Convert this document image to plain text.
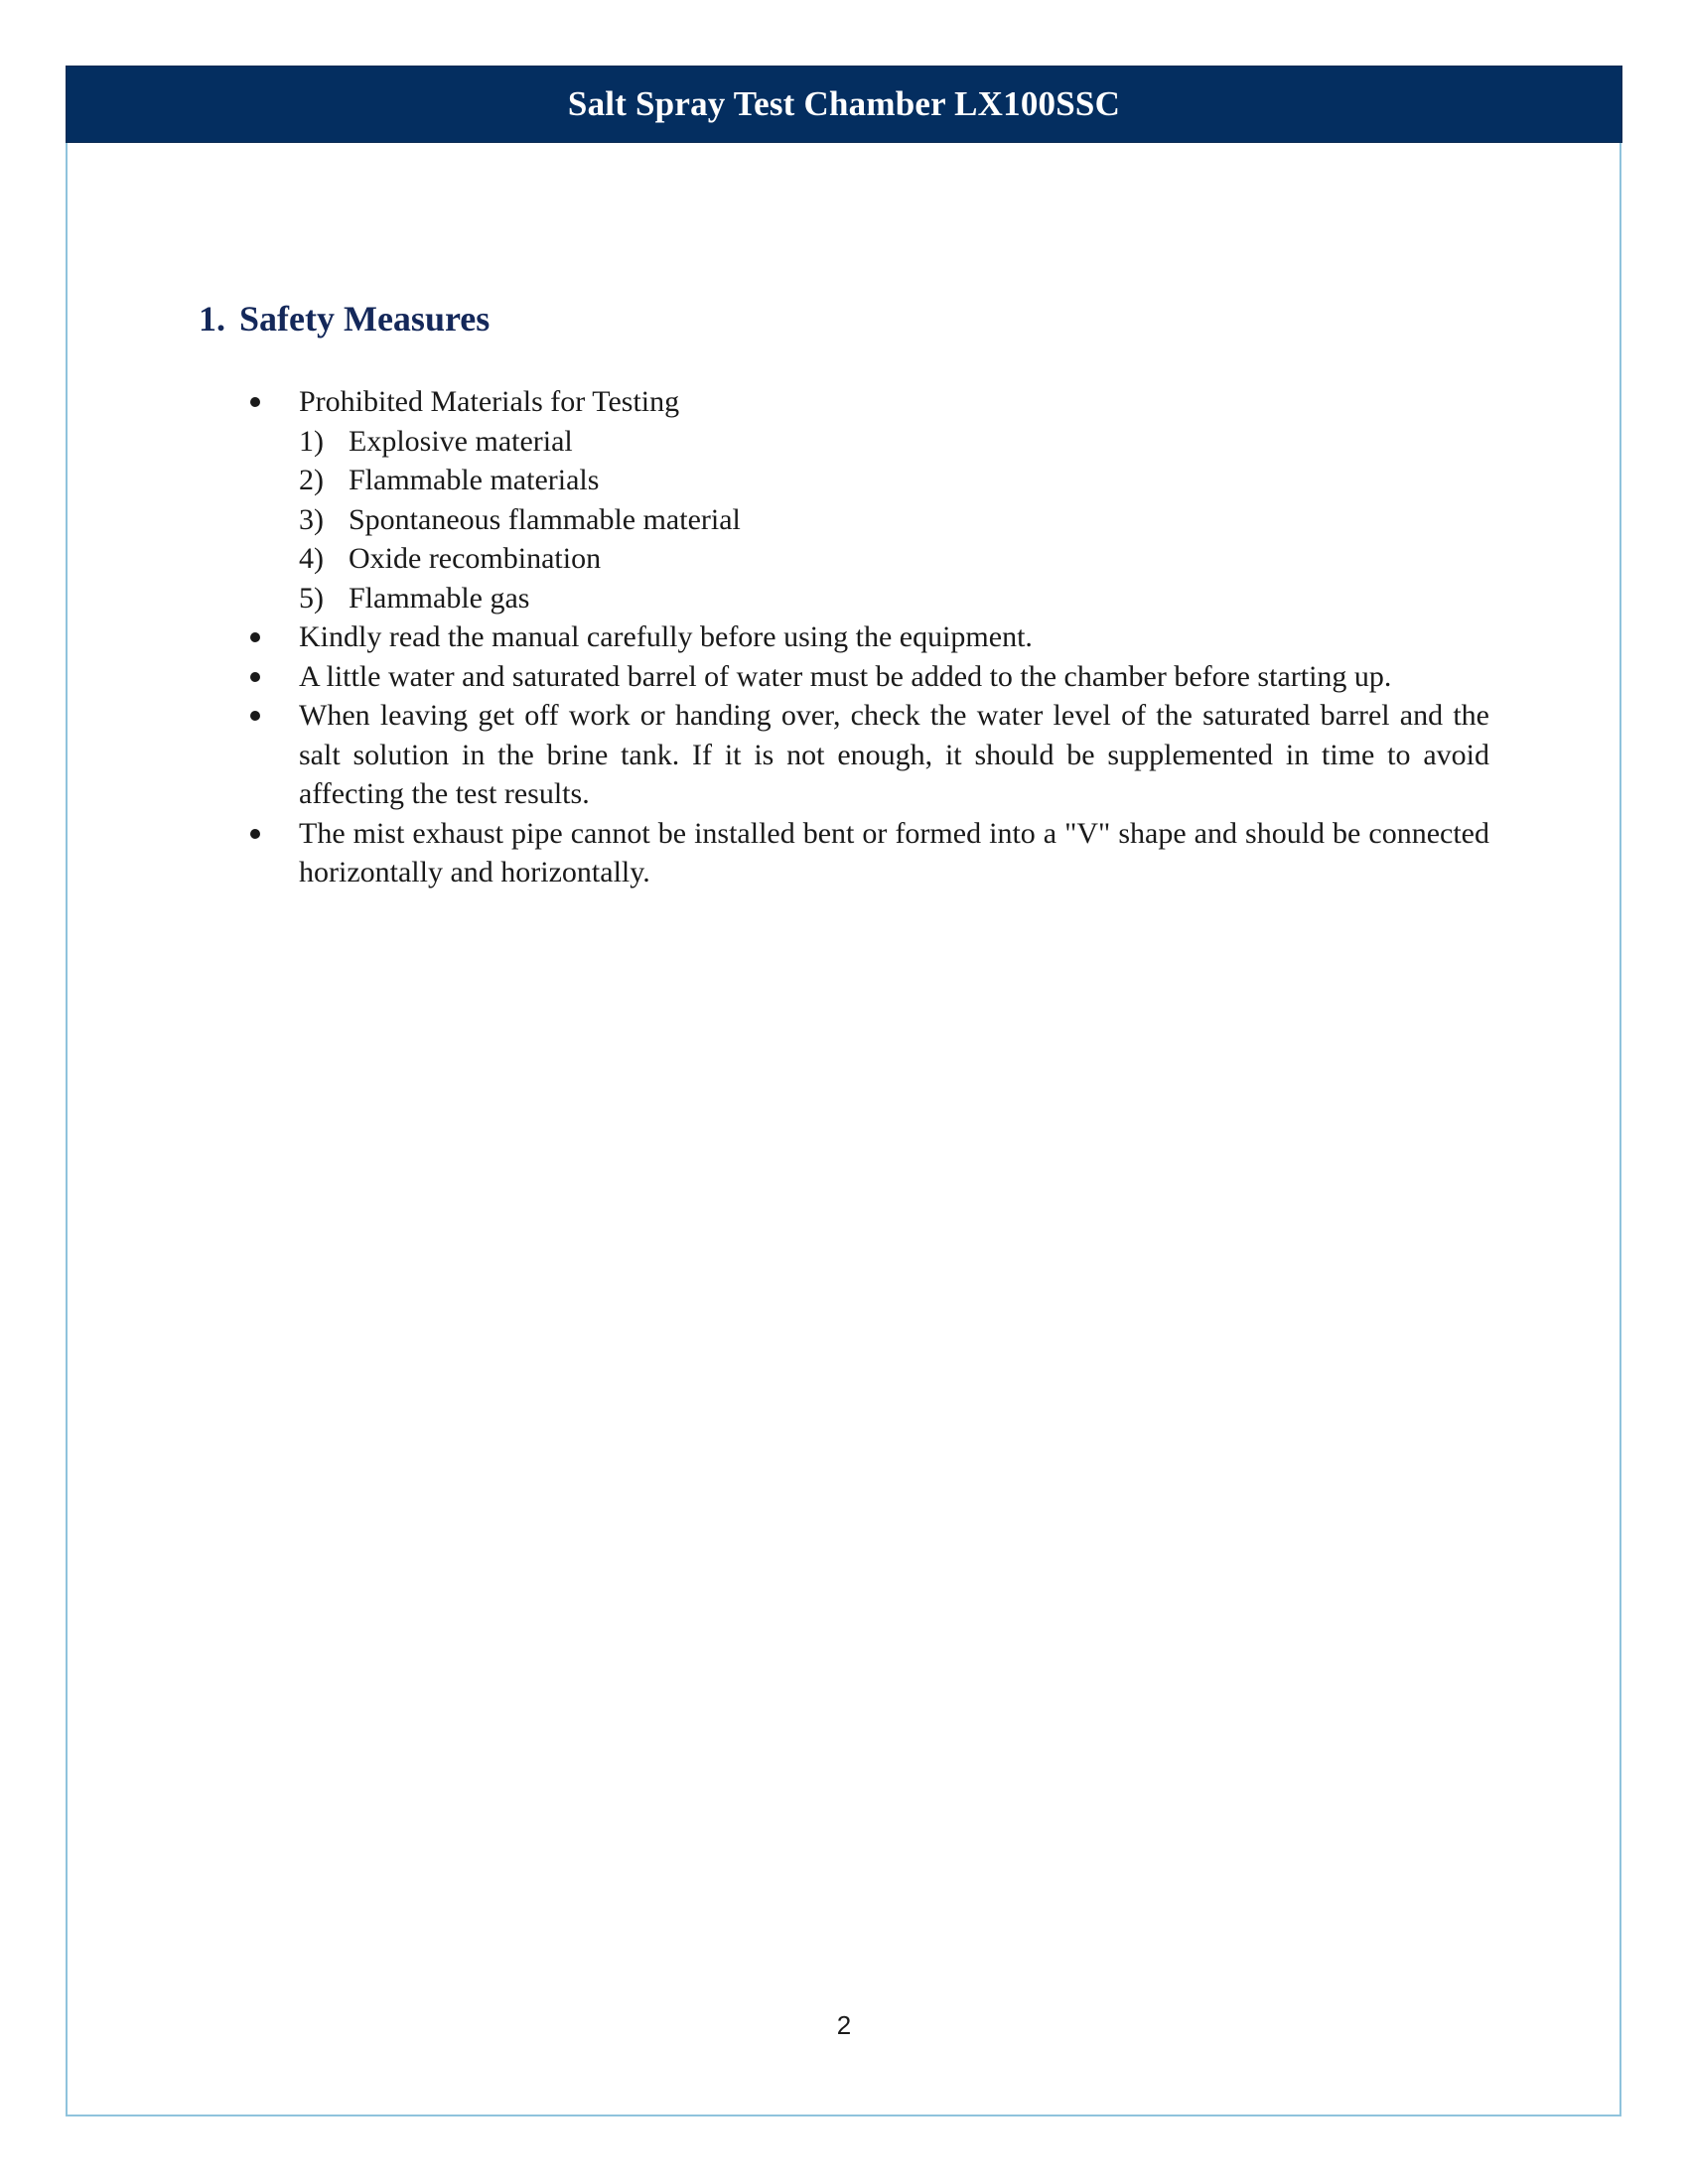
Salt Spray Test Chamber LX100SSC
1. Safety Measures
Prohibited Materials for Testing
1) Explosive material
2) Flammable materials
3) Spontaneous flammable material
4) Oxide recombination
5) Flammable gas
Kindly read the manual carefully before using the equipment.
A little water and saturated barrel of water must be added to the chamber before starting up.
When leaving get off work or handing over, check the water level of the saturated barrel and the salt solution in the brine tank. If it is not enough, it should be supplemented in time to avoid affecting the test results.
The mist exhaust pipe cannot be installed bent or formed into a "V" shape and should be connected horizontally and horizontally.
2
